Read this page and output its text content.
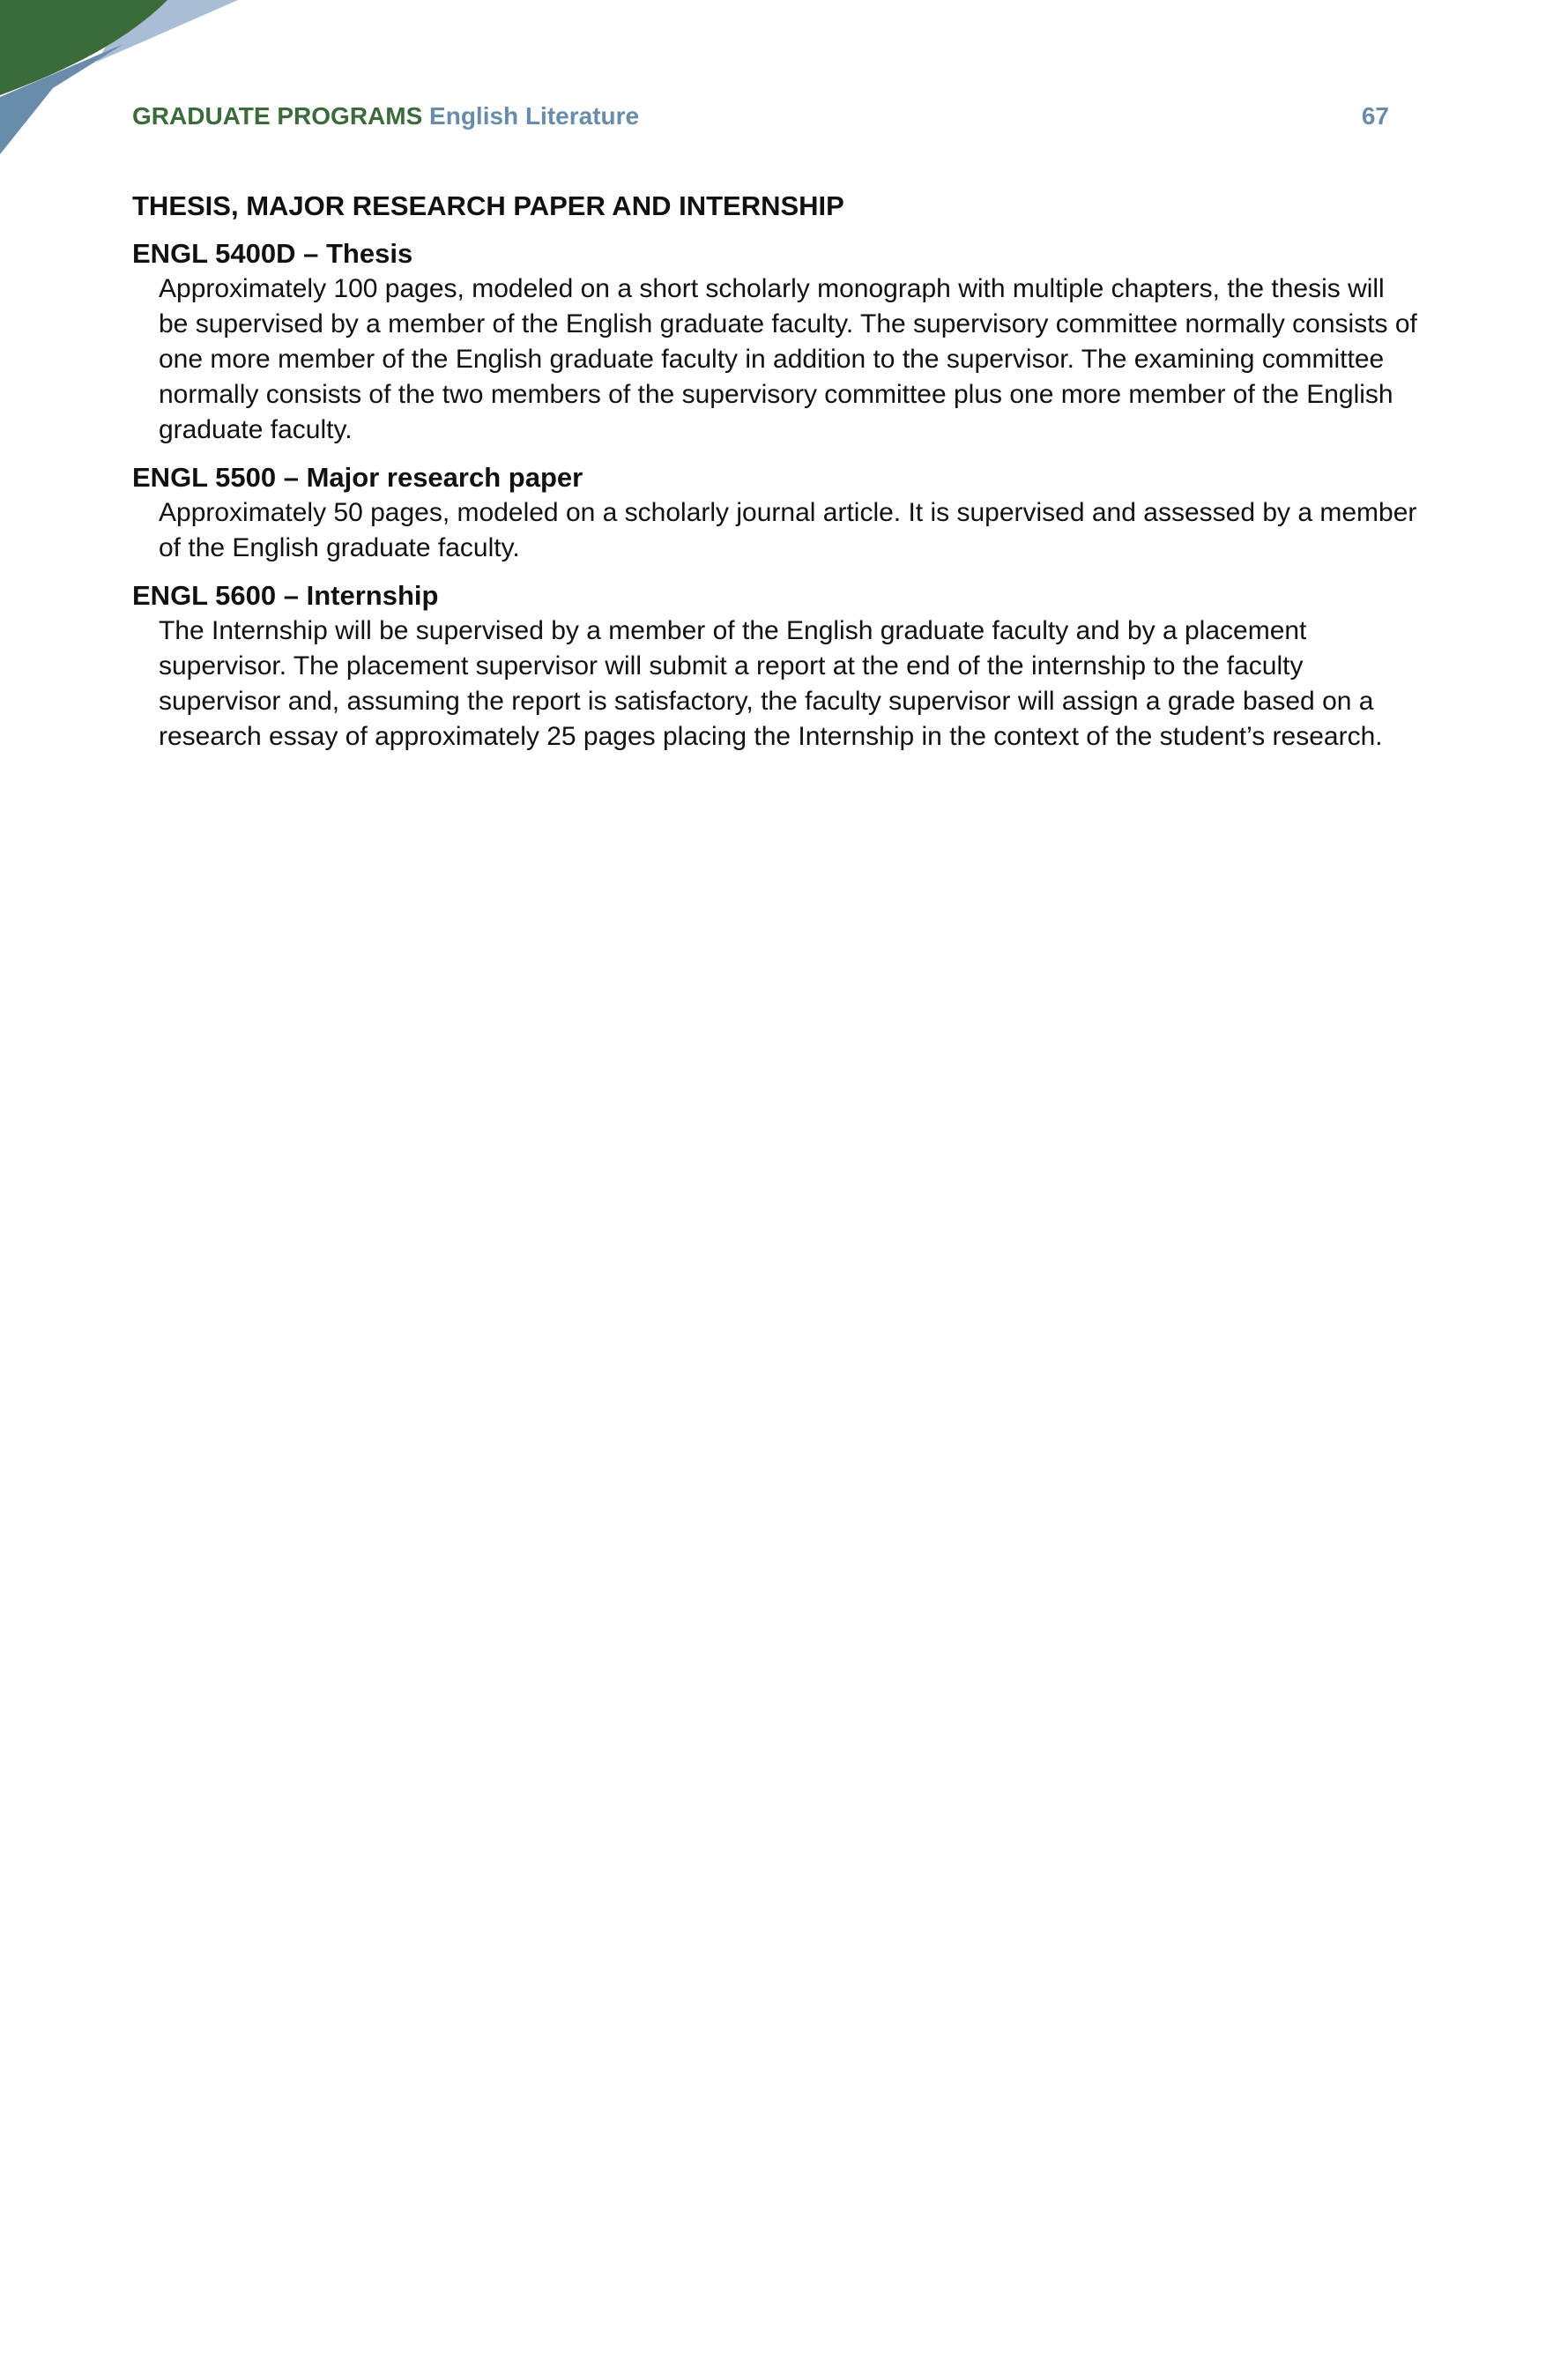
GRADUATE PROGRAMS English Literature	67
THESIS, MAJOR RESEARCH PAPER AND INTERNSHIP
ENGL 5400D – Thesis

Approximately 100 pages, modeled on a short scholarly monograph with multiple chapters, the thesis will be supervised by a member of the English graduate faculty. The supervisory committee normally consists of one more member of the English graduate faculty in addition to the supervisor. The examining committee normally consists of the two members of the supervisory committee plus one more member of the English graduate faculty.

ENGL 5500 – Major research paper

Approximately 50 pages, modeled on a scholarly journal article. It is supervised and assessed by a member of the English graduate faculty.

ENGL 5600 – Internship

The Internship will be supervised by a member of the English graduate faculty and by a placement supervisor. The placement supervisor will submit a report at the end of the internship to the faculty supervisor and, assuming the report is satisfactory, the faculty supervisor will assign a grade based on a research essay of approximately 25 pages placing the Internship in the context of the student’s research.
